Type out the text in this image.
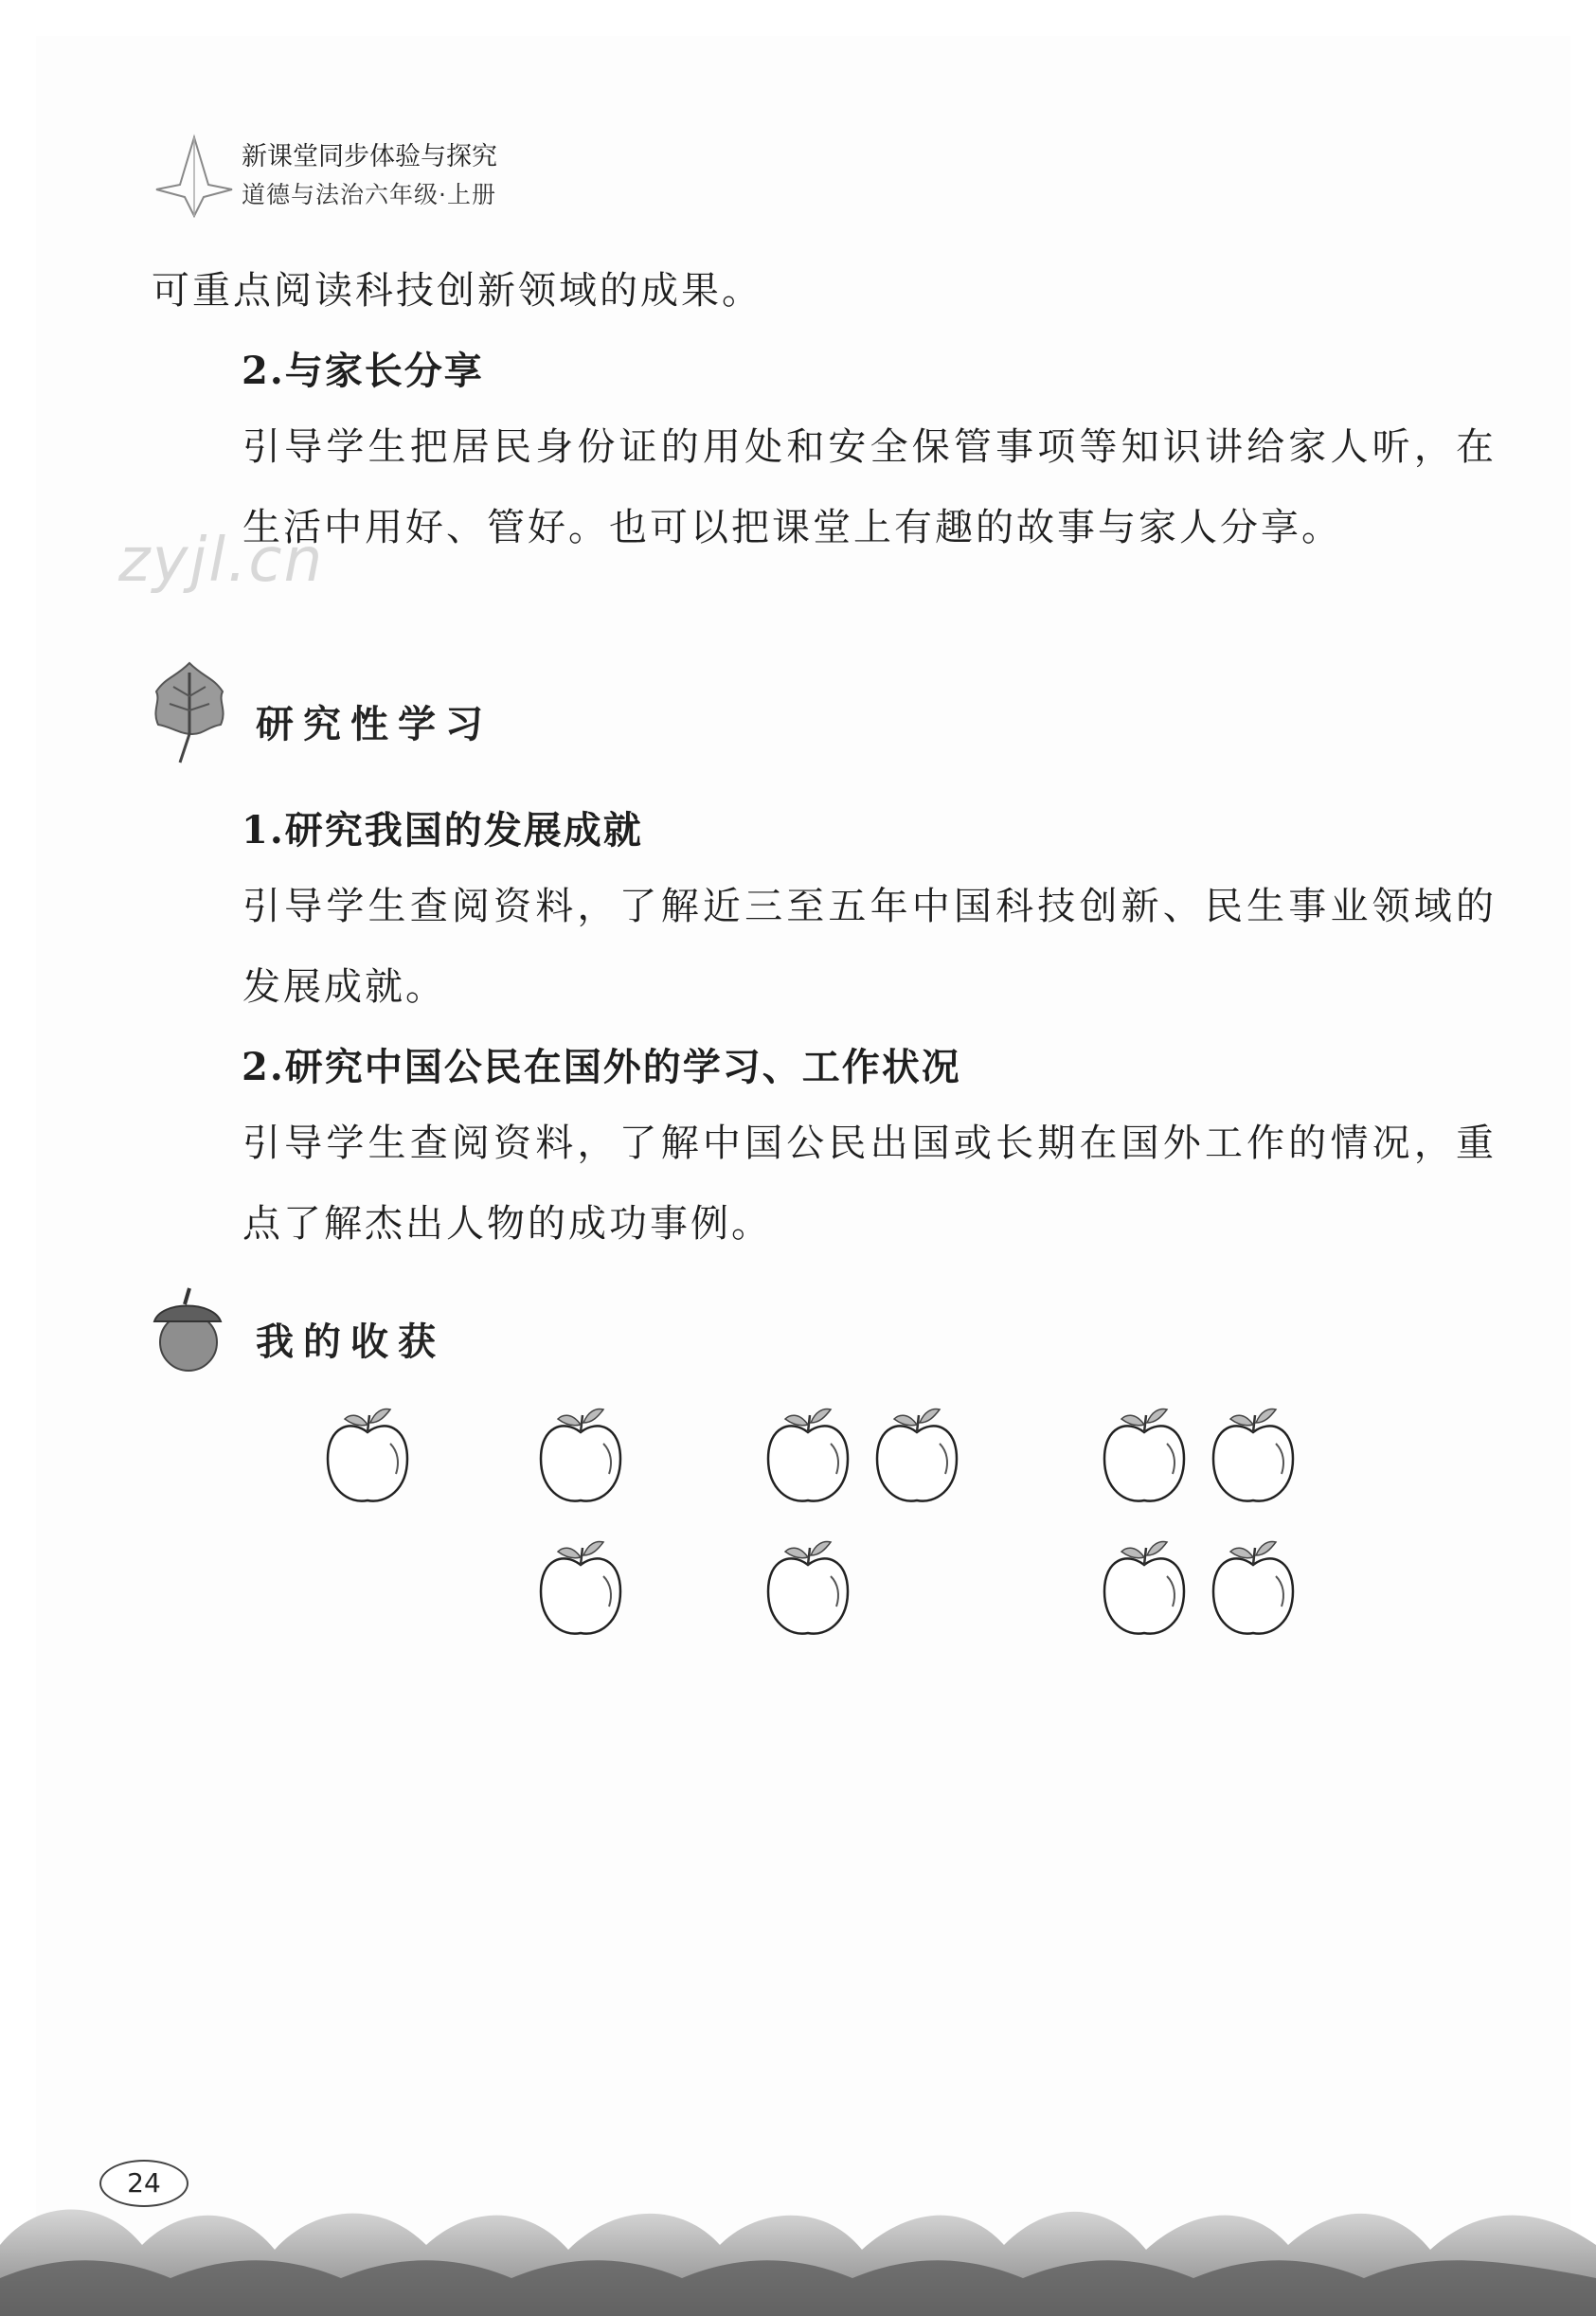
新课堂同步体验与探究
道德与法治六年级·上册
可重点阅读科技创新领域的成果。
2.与家长分享
引导学生把居民身份证的用处和安全保管事项等知识讲给家人听，在生活中用好、管好。也可以把课堂上有趣的故事与家人分享。
zyjl.cn
研究性学习
1.研究我国的发展成就
引导学生查阅资料，了解近三至五年中国科技创新、民生事业领域的发展成就。
2.研究中国公民在国外的学习、工作状况
引导学生查阅资料，了解中国公民出国或长期在国外工作的情况，重点了解杰出人物的成功事例。
我的收获
24
